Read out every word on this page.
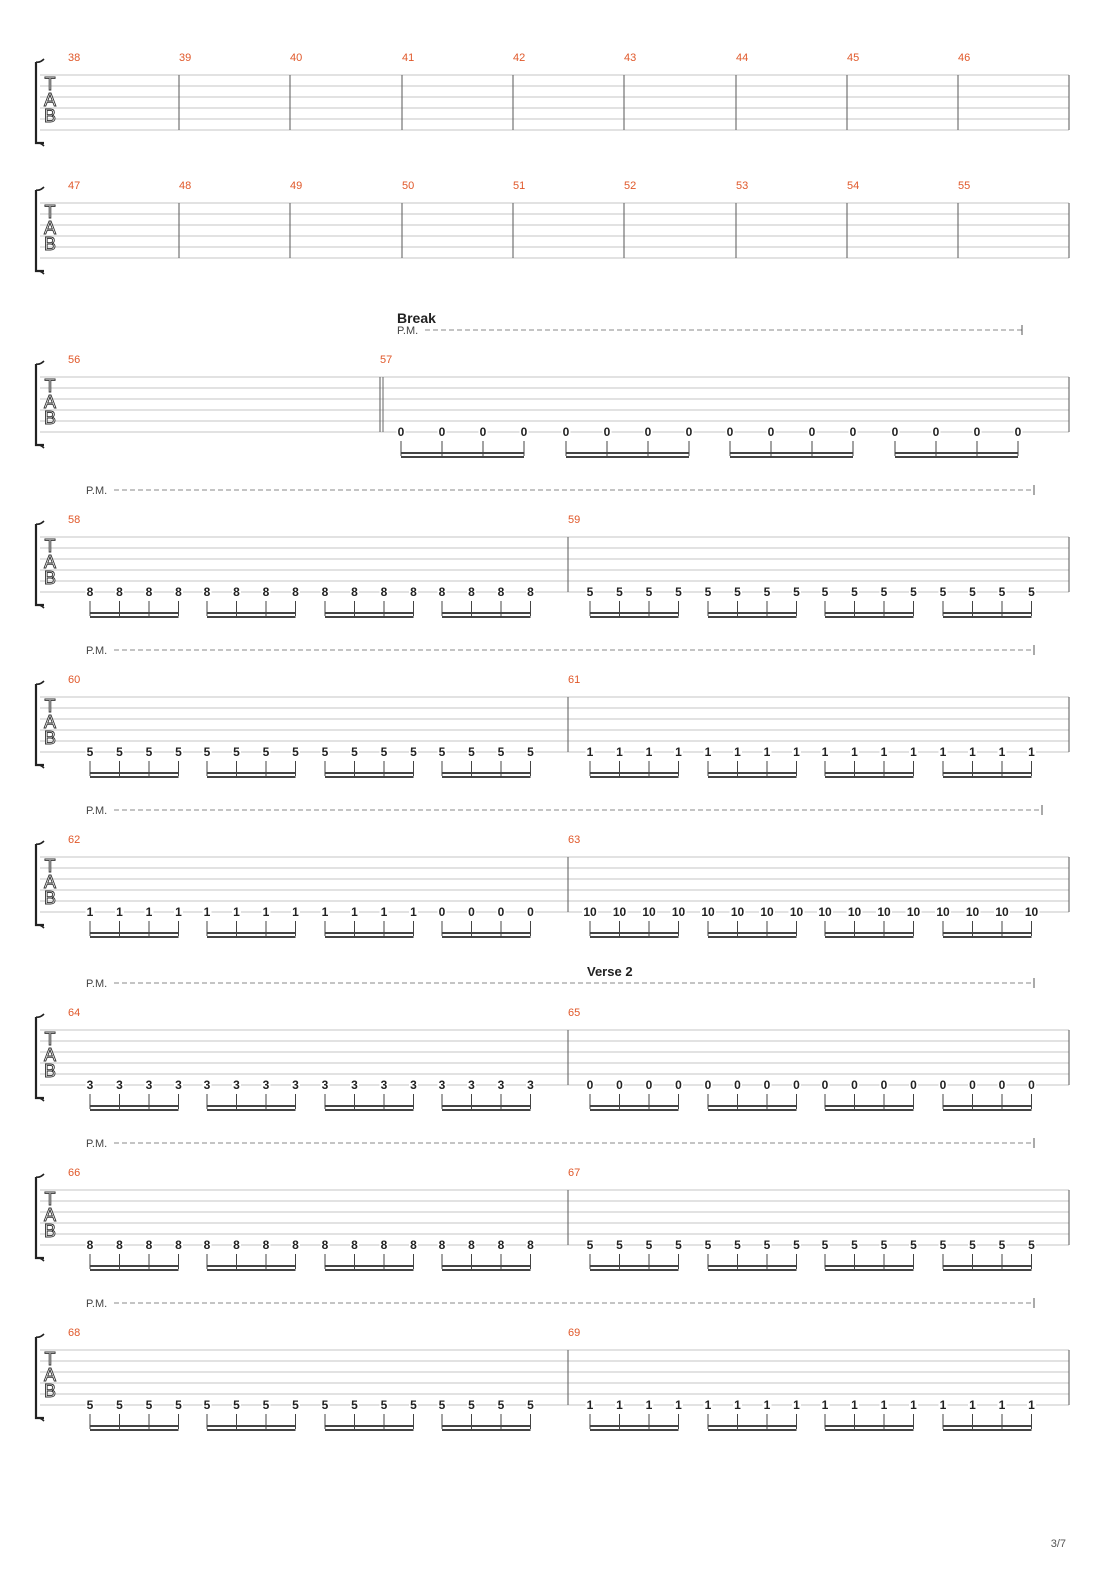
T
A
B
38	39	40	41	42	43	44	45	46
T
A
B
47	48	49	50	51	52	53	54	55
T
A
B
56	57
0	0	0	0	0	0	0	0	0	0	0	0	0	0	0	0
P.M.
Break
T
A
B
58
8 8 8 8 8 8 8 8 8 8 8 8 8 8 8 8
59
5 5 5 5 5 5 5 5 5 5 5 5 5 5 5 5
P.M.
T
A
B
60
5 5 5 5 5 5 5 5 5 5 5 5 5 5 5 5
61
1 1 1 1 1 1 1 1 1 1 1 1 1 1 1 1
P.M.
T
A
B
62
1 1 1 1 1 1 1 1 1 1 1 1 0 0 0 0
63
10 10 10 10 10 10 10 10 10 10 10 10 10 10 10 10
P.M.
T
A
B
64
3 3 3 3 3 3 3 3 3 3 3 3 3 3 3 3
65
0 0 0 0 0 0 0 0 0 0 0 0 0 0 0 0
P.M.
Verse 2
T
A
B
66
8 8 8 8 8 8 8 8 8 8 8 8 8 8 8 8
67
5 5 5 5 5 5 5 5 5 5 5 5 5 5 5 5
P.M.
T
A
B
68
5 5 5 5 5 5 5 5 5 5 5 5 5 5 5 5
69
1 1 1 1 1 1 1 1 1 1 1 1 1 1 1 1
P.M.
3/7
